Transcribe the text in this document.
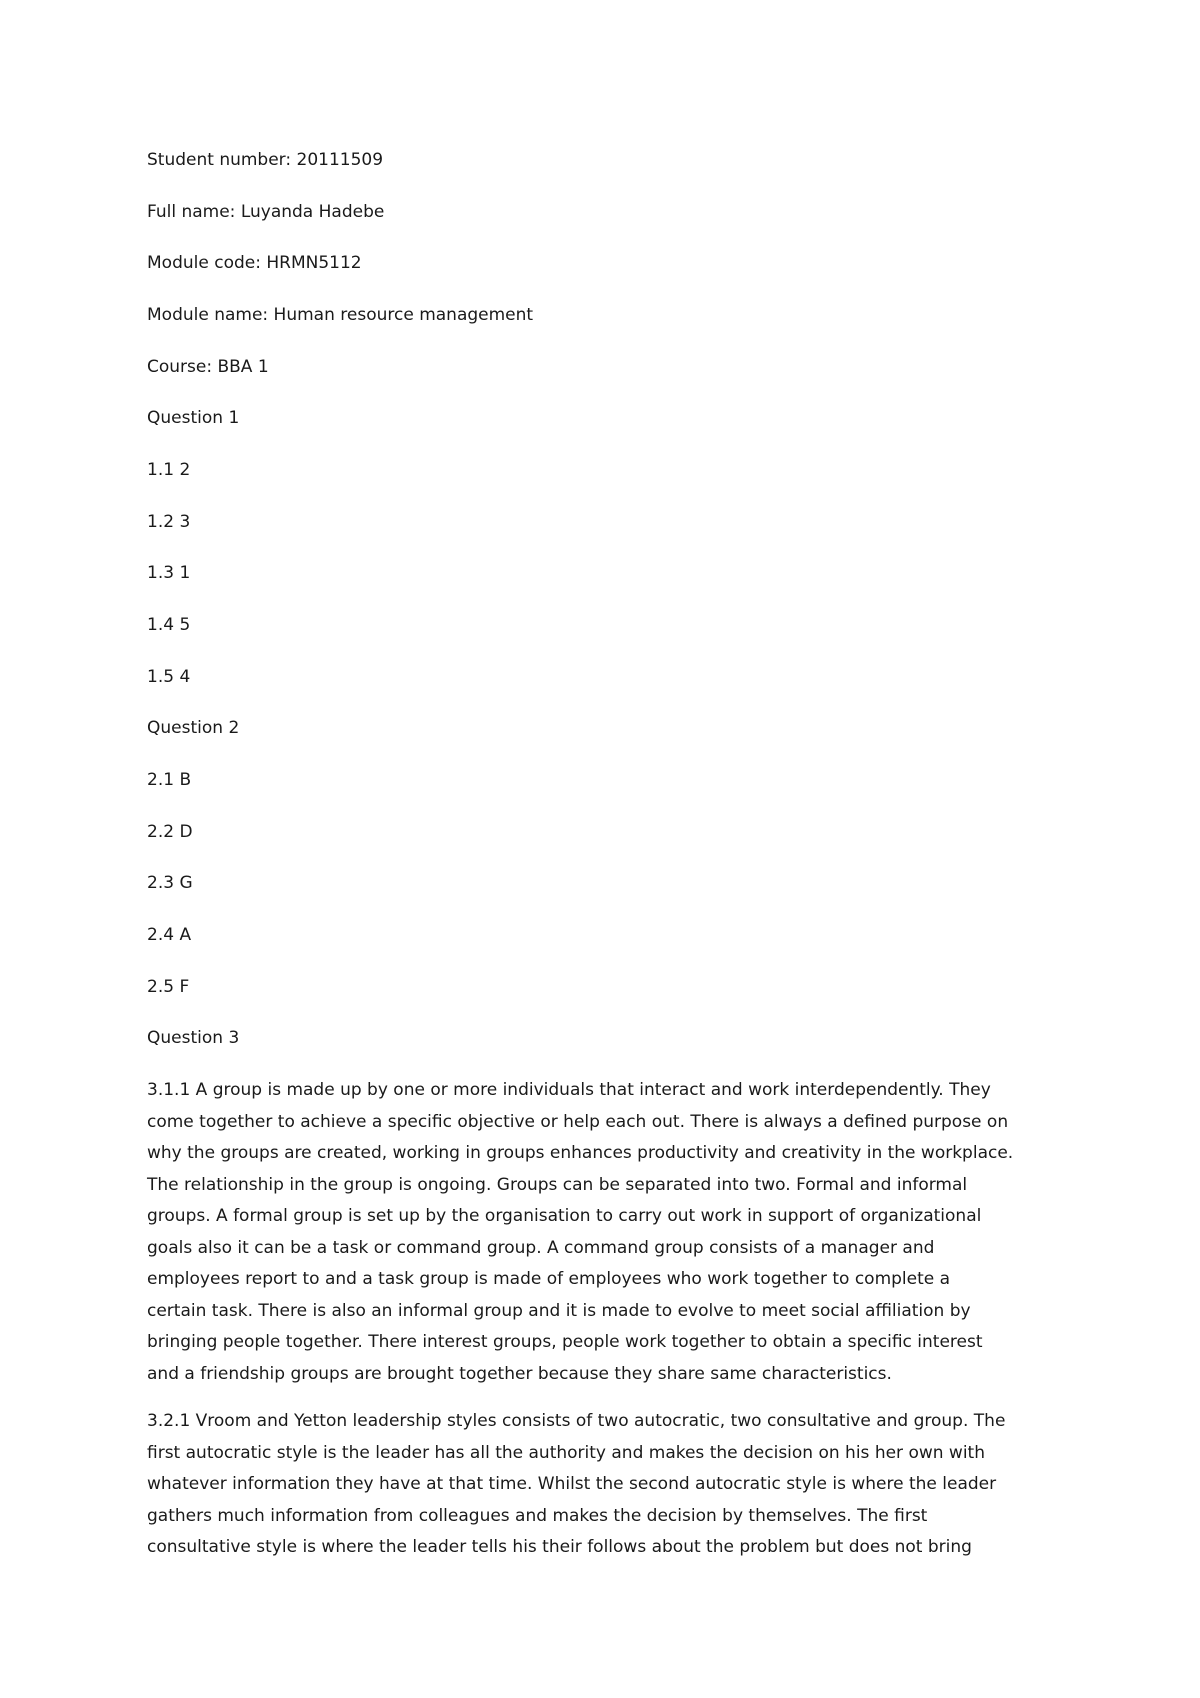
Student number: 20111509

Full name: Luyanda Hadebe

Module code: HRMN5112

Module name: Human resource management

Course: BBA 1

Question 1

1.1 2

1.2 3

1.3 1

1.4 5

1.5 4

Question 2

2.1 B

2.2 D

2.3 G

2.4 A

2.5 F

Question 3

3.1.1 A group is made up by one or more individuals that interact and work interdependently. They
come together to achieve a specific objective or help each out. There is always a defined purpose on
why the groups are created, working in groups enhances productivity and creativity in the workplace.
The relationship in the group is ongoing. Groups can be separated into two. Formal and informal
groups. A formal group is set up by the organisation to carry out work in support of organizational
goals also it can be a task or command group. A command group consists of a manager and
employees report to and a task group is made of employees who work together to complete a
certain task. There is also an informal group and it is made to evolve to meet social affiliation by
bringing people together. There interest groups, people work together to obtain a specific interest
and a friendship groups are brought together because they share same characteristics.
3.2.1 Vroom and Yetton leadership styles consists of two autocratic, two consultative and group. The
first autocratic style is the leader has all the authority and makes the decision on his her own with
whatever information they have at that time. Whilst the second autocratic style is where the leader
gathers much information from colleagues and makes the decision by themselves. The first
consultative style is where the leader tells his their follows about the problem but does not bring
